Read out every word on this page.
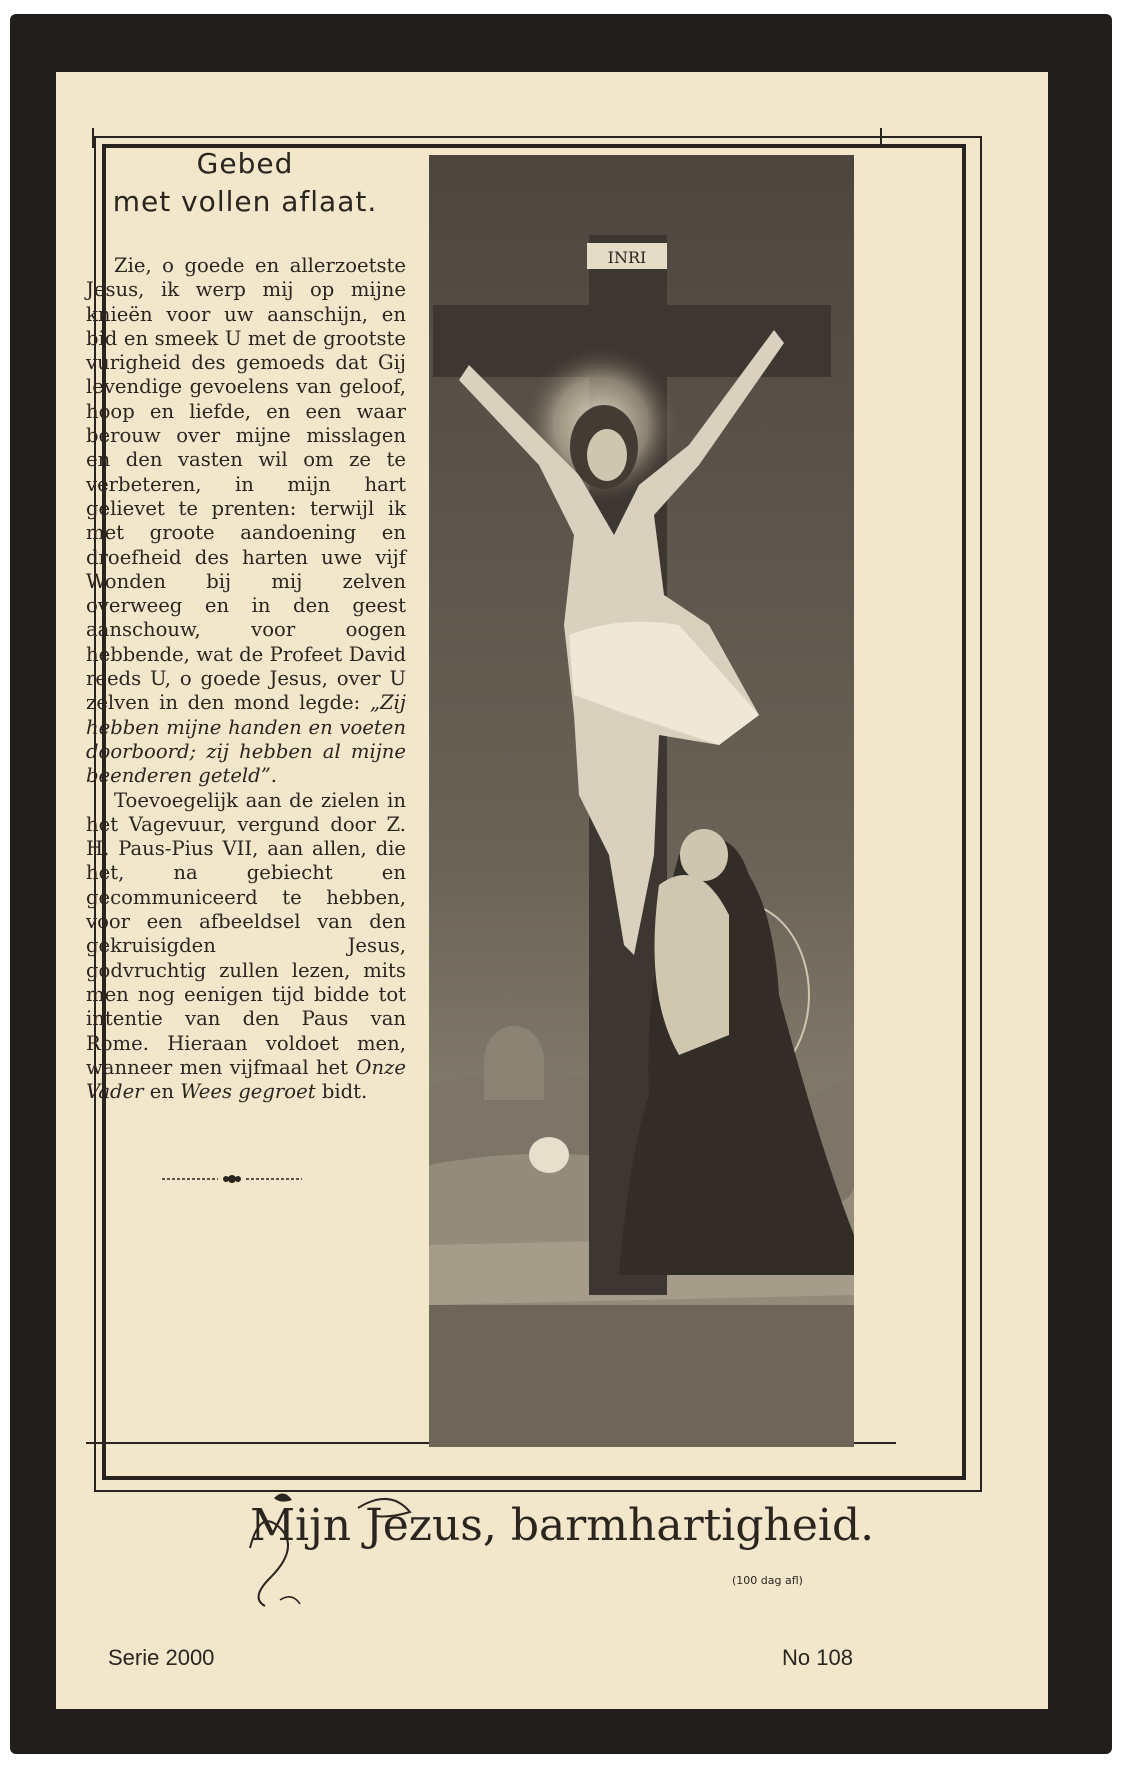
Gebed
met vollen aflaat.

Zie, o goede en allerzoetste Jesus, ik werp mij op mijne knieën voor uw aanschijn, en bid en smeek U met de grootste vurigheid des gemoeds dat Gij levendige gevoelens van geloof, hoop en liefde, en een waar berouw over mijne misslagen en den vasten wil om ze te verbeteren, in mijn hart gelievet te prenten: terwijl ik met groote aandoening en droefheid des harten uwe vijf Wonden bij mij zelven overweeg en in den geest aanschouw, voor oogen hebbende, wat de Profeet David reeds U, o goede Jesus, over U zelven in den mond legde: „Zij hebben mijne handen en voeten doorboord; zij hebben al mijne beenderen geteld”.

Toevoegelijk aan de zielen in het Vagevuur, vergund door Z. H. Paus-Pius VII, aan allen, die het, na gebiecht en gecommuniceerd te hebben, voor een afbeeldsel van den gekruisigden Jesus, godvruchtig zullen lezen, mits men nog eenigen tijd bidde tot intentie van den Paus van Rome. Hieraan voldoet men, wanneer men vijfmaal het Onze Vader en Wees gegroet bidt.

INRI
Mijn Jezus, barmhartigheid.
(100 dag afl)
Serie 2000	No 108
